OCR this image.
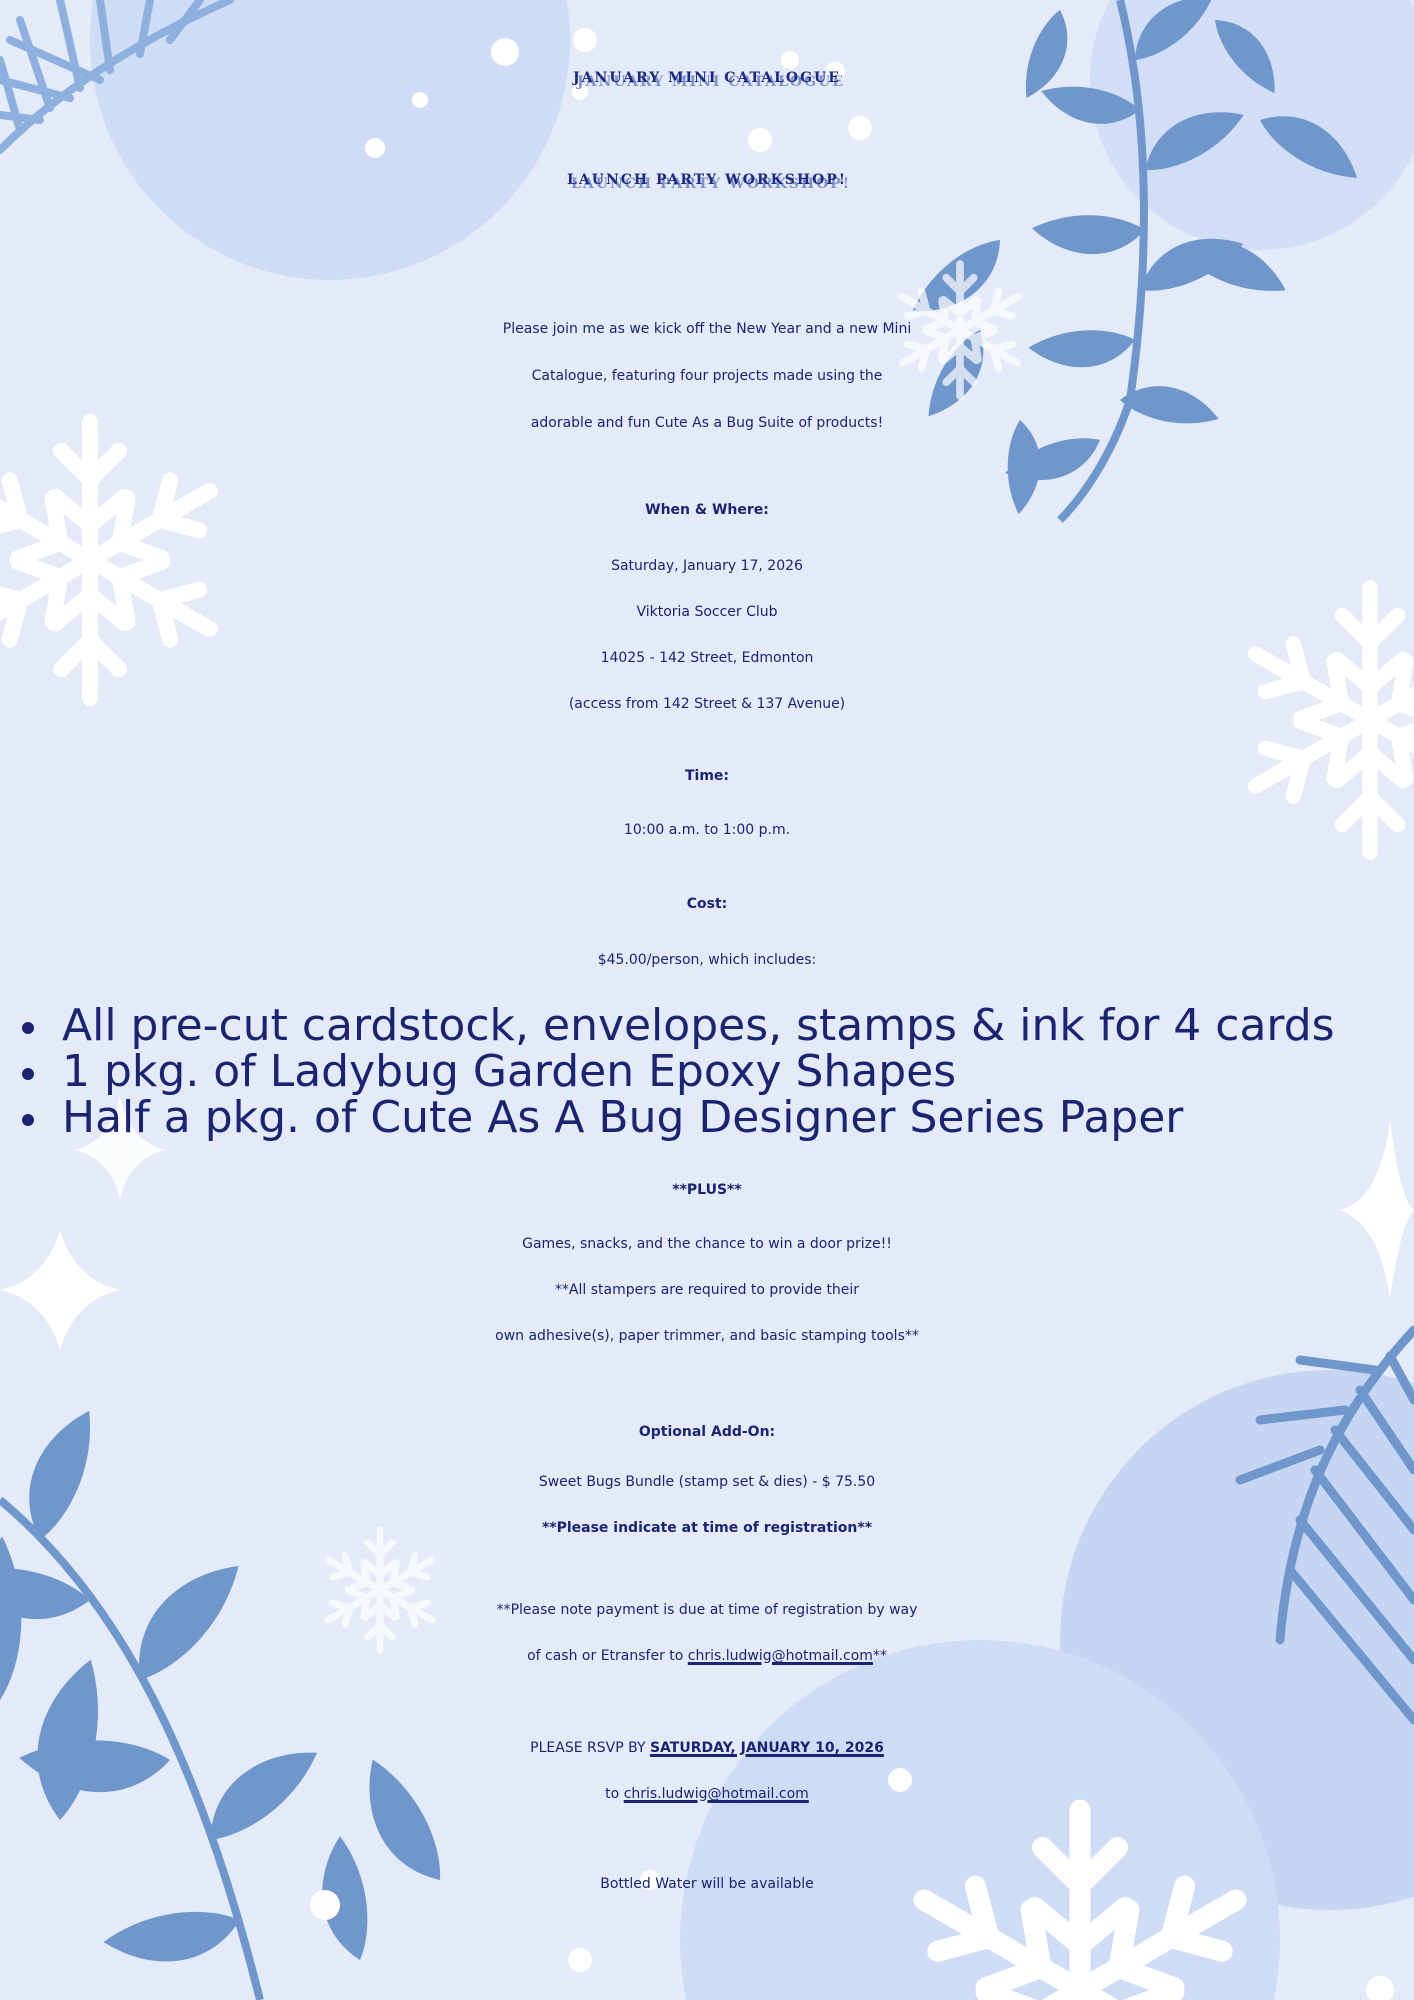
JANUARY MINI CATALOGUE
LAUNCH PARTY WORKSHOP!
Please join me as we kick off the New Year and a new Mini
Catalogue, featuring four projects made using the
adorable and fun Cute As a Bug Suite of products!
When & Where:
Saturday, January 17, 2026
Viktoria Soccer Club
14025 - 142 Street, Edmonton
(access from 142 Street & 137 Avenue)
Time:
10:00 a.m. to 1:00 p.m.
Cost:
$45.00/person, which includes:
All pre-cut cardstock, envelopes, stamps & ink for 4 cards
1 pkg. of Ladybug Garden Epoxy Shapes
Half a pkg. of Cute As A Bug Designer Series Paper
**PLUS**
Games, snacks, and the chance to win a door prize!!
**All stampers are required to provide their
own adhesive(s), paper trimmer, and basic stamping tools**
Optional Add-On:
Sweet Bugs Bundle (stamp set & dies) - $ 75.50
**Please indicate at time of registration**
**Please note payment is due at time of registration by way
of cash or Etransfer to chris.ludwig@hotmail.com**
PLEASE RSVP BY SATURDAY, JANUARY 10, 2026
to chris.ludwig@hotmail.com
Bottled Water will be available
